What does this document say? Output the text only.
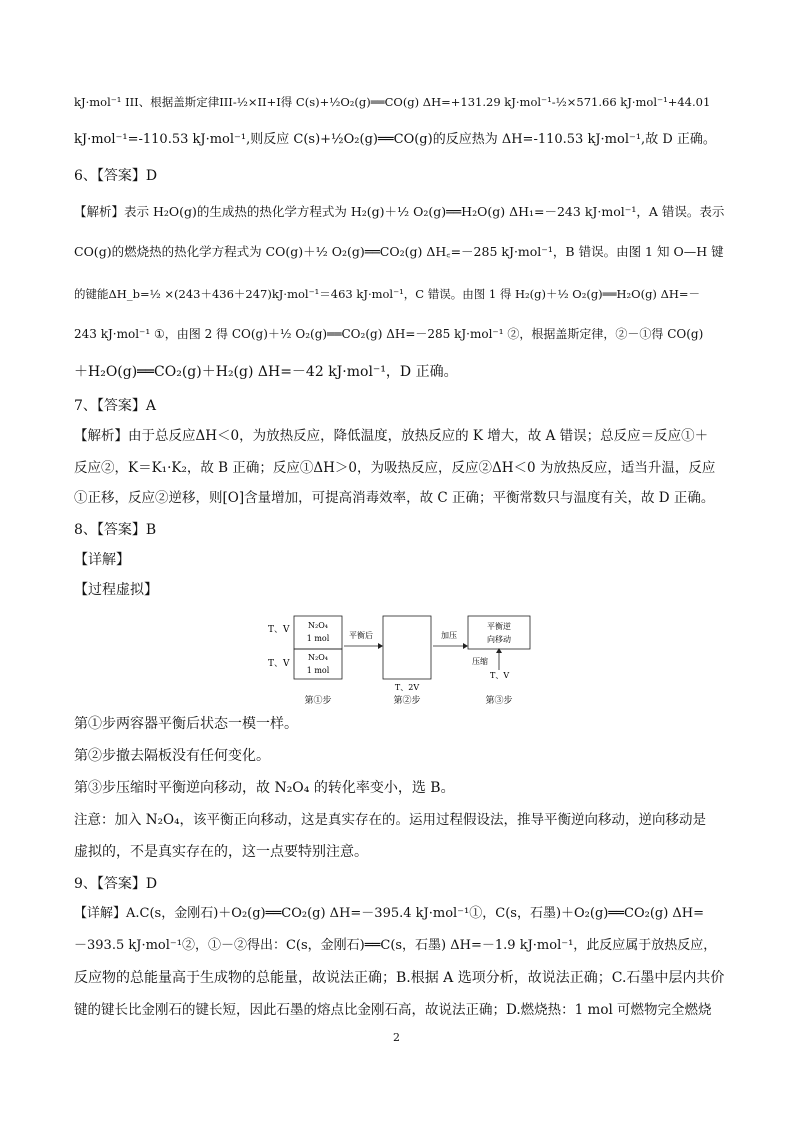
kJ·mol⁻¹ III、根据盖斯定律III-½×II+I得 C(s)+½O₂(g)══CO(g) ΔH=+131.29 kJ·mol⁻¹-½×571.66 kJ·mol⁻¹+44.01
kJ·mol⁻¹=-110.53 kJ·mol⁻¹,则反应 C(s)+½O₂(g)══CO(g)的反应热为 ΔH=-110.53 kJ·mol⁻¹,故 D 正确。
6、【答案】D
【解析】表示 H₂O(g)的生成热的热化学方程式为 H₂(g)＋½ O₂(g)══H₂O(g) ΔH₁=－243 kJ·mol⁻¹，A 错误。表示
CO(g)的燃烧热的热化学方程式为 CO(g)＋½ O₂(g)══CO₂(g) ΔH꜀=－285 kJ·mol⁻¹，B 错误。由图 1 知 O—H 键
的键能ΔH_b=½ ×(243＋436＋247)kJ·mol⁻¹＝463 kJ·mol⁻¹，C 错误。由图 1 得 H₂(g)＋½ O₂(g)══H₂O(g) ΔH=－
243 kJ·mol⁻¹ ①，由图 2 得 CO(g)＋½ O₂(g)══CO₂(g) ΔH=－285 kJ·mol⁻¹ ②，根据盖斯定律，②－①得 CO(g)
＋H₂O(g)══CO₂(g)＋H₂(g) ΔH=－42 kJ·mol⁻¹，D 正确。
7、【答案】A
【解析】由于总反应ΔH＜0，为放热反应，降低温度，放热反应的 K 增大，故 A 错误；总反应＝反应①＋
反应②，K＝K₁·K₂，故 B 正确；反应①ΔH＞0，为吸热反应，反应②ΔH＜0 为放热反应，适当升温，反应
①正移，反应②逆移，则[O]含量增加，可提高消毒效率，故 C 正确；平衡常数只与温度有关，故 D 正确。
8、【答案】B
【详解】
【过程虚拟】
T、V
T、V
N₂O₄
1 mol
N₂O₄
1 mol
平衡后
T、2V
加压
平衡逆
向移动
压缩
T、V
第①步	第②步	第③步
第①步两容器平衡后状态一模一样。
第②步撤去隔板没有任何变化。
第③步压缩时平衡逆向移动，故 N₂O₄ 的转化率变小，选 B。
注意：加入 N₂O₄，该平衡正向移动，这是真实存在的。运用过程假设法，推导平衡逆向移动，逆向移动是
虚拟的，不是真实存在的，这一点要特别注意。
9、【答案】D
【详解】A.C(s，金刚石)＋O₂(g)══CO₂(g) ΔH=－395.4 kJ·mol⁻¹①，C(s，石墨)＋O₂(g)══CO₂(g) ΔH=
－393.5 kJ·mol⁻¹②，①－②得出：C(s，金刚石)══C(s，石墨) ΔH=－1.9 kJ·mol⁻¹，此反应属于放热反应，
反应物的总能量高于生成物的总能量，故说法正确；B.根据 A 选项分析，故说法正确；C.石墨中层内共价
键的键长比金刚石的键长短，因此石墨的熔点比金刚石高，故说法正确；D.燃烧热：1 mol 可燃物完全燃烧
2
